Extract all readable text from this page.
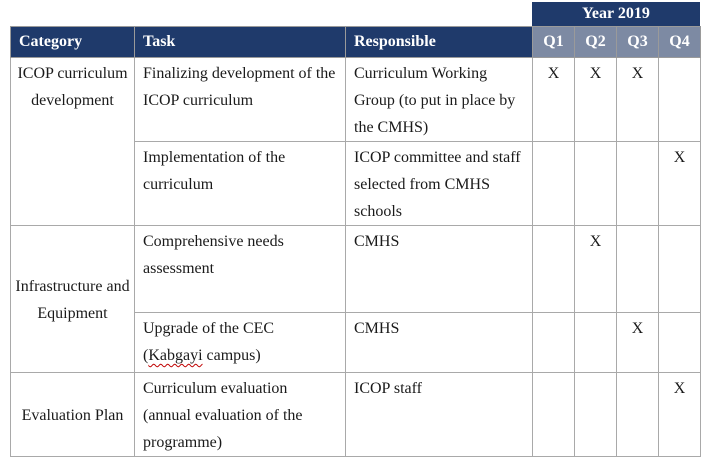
Year 2019
Category	Task	Responsible	Q1	Q2	Q3	Q4
ICOP curriculum development	Finalizing development of the ICOP curriculum	Curriculum Working Group (to put in place by the CMHS)	X	X	X	
	Implementation of the curriculum	ICOP committee and staff selected from CMHS schools				X
Infrastructure and Equipment	Comprehensive needs assessment	CMHS		X		
	Upgrade of the CEC (Kabgayi campus)	CMHS			X	
Evaluation Plan	Curriculum evaluation (annual evaluation of the programme)	ICOP staff				X
